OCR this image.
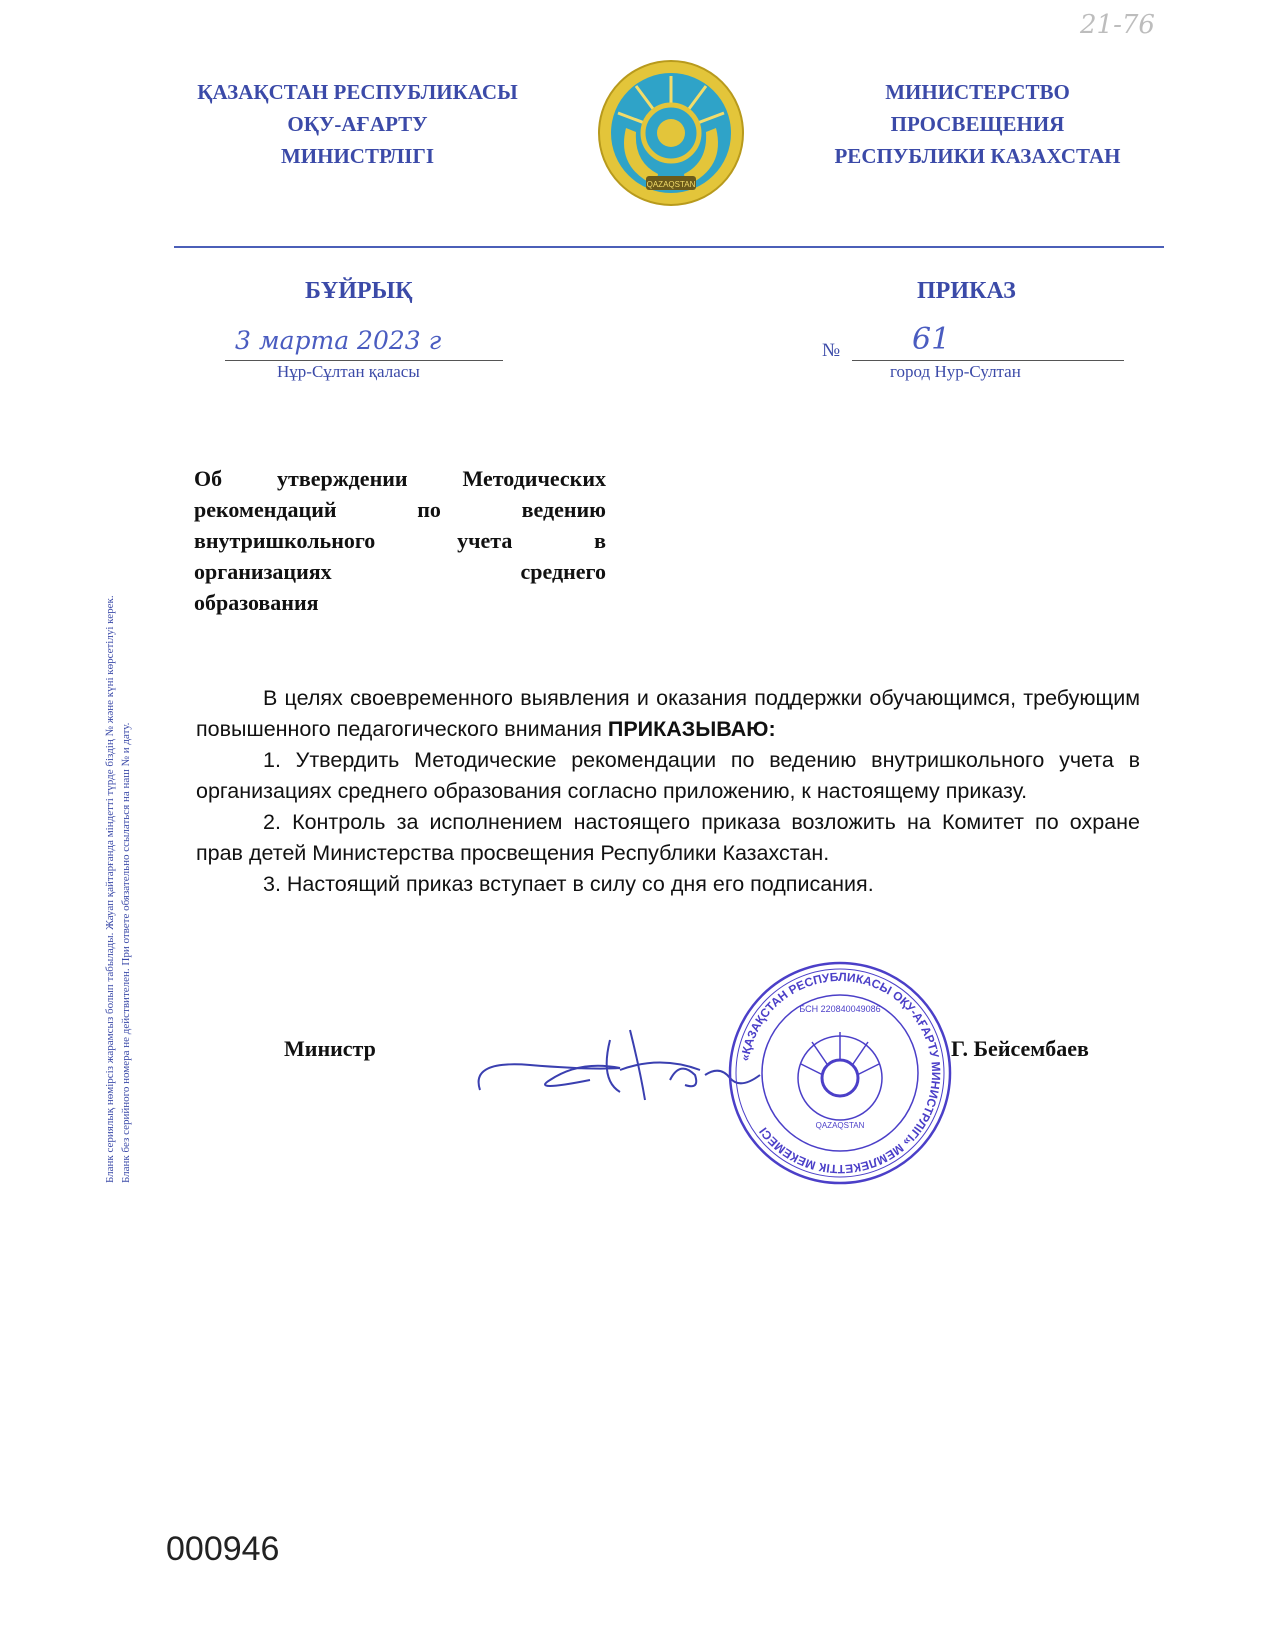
21-76
ҚАЗАҚСТАН РЕСПУБЛИКАСЫ
ОҚУ-АҒАРТУ
МИНИСТРЛІГІ
QAZAQSTAN
МИНИСТЕРСТВО
ПРОСВЕЩЕНИЯ
РЕСПУБЛИКИ КАЗАХСТАН
БҰЙРЫҚ	ПРИКАЗ
3 марта 2023 г
Нұр-Сұлтан қаласы
№ 61
город Нур-Султан
Бланк сериялық нөмірсіз жарамсыз болып табылады. Жауап қайтарғанда міндетті түрде біздің № және күні көрсетілуі керек. Бланк без серийного номера не действителен. При ответе обязательно ссылаться на наш № и дату.
Об утверждении Методических
рекомендаций по ведению
внутришкольного учета в
организациях среднего
образования

В целях своевременного выявления и оказания поддержки обучающимся, требующим повышенного педагогического внимания ПРИКАЗЫВАЮ:

1. Утвердить Методические рекомендации по ведению внутришкольного учета в организациях среднего образования согласно приложению, к настоящему приказу.

2. Контроль за исполнением настоящего приказа возложить на Комитет по охране прав детей Министерства просвещения Республики Казахстан.

3. Настоящий приказ вступает в силу со дня его подписания.

Министр	«ҚАЗАҚСТАН РЕСПУБЛИКАСЫ ОҚУ-АҒАРТУ МИНИСТРЛІГІ» МЕМЛЕКЕТТІК МЕКЕМЕСІ
БСН 220840049086
QAZAQSTAN
Г. Бейсембаев
000946
